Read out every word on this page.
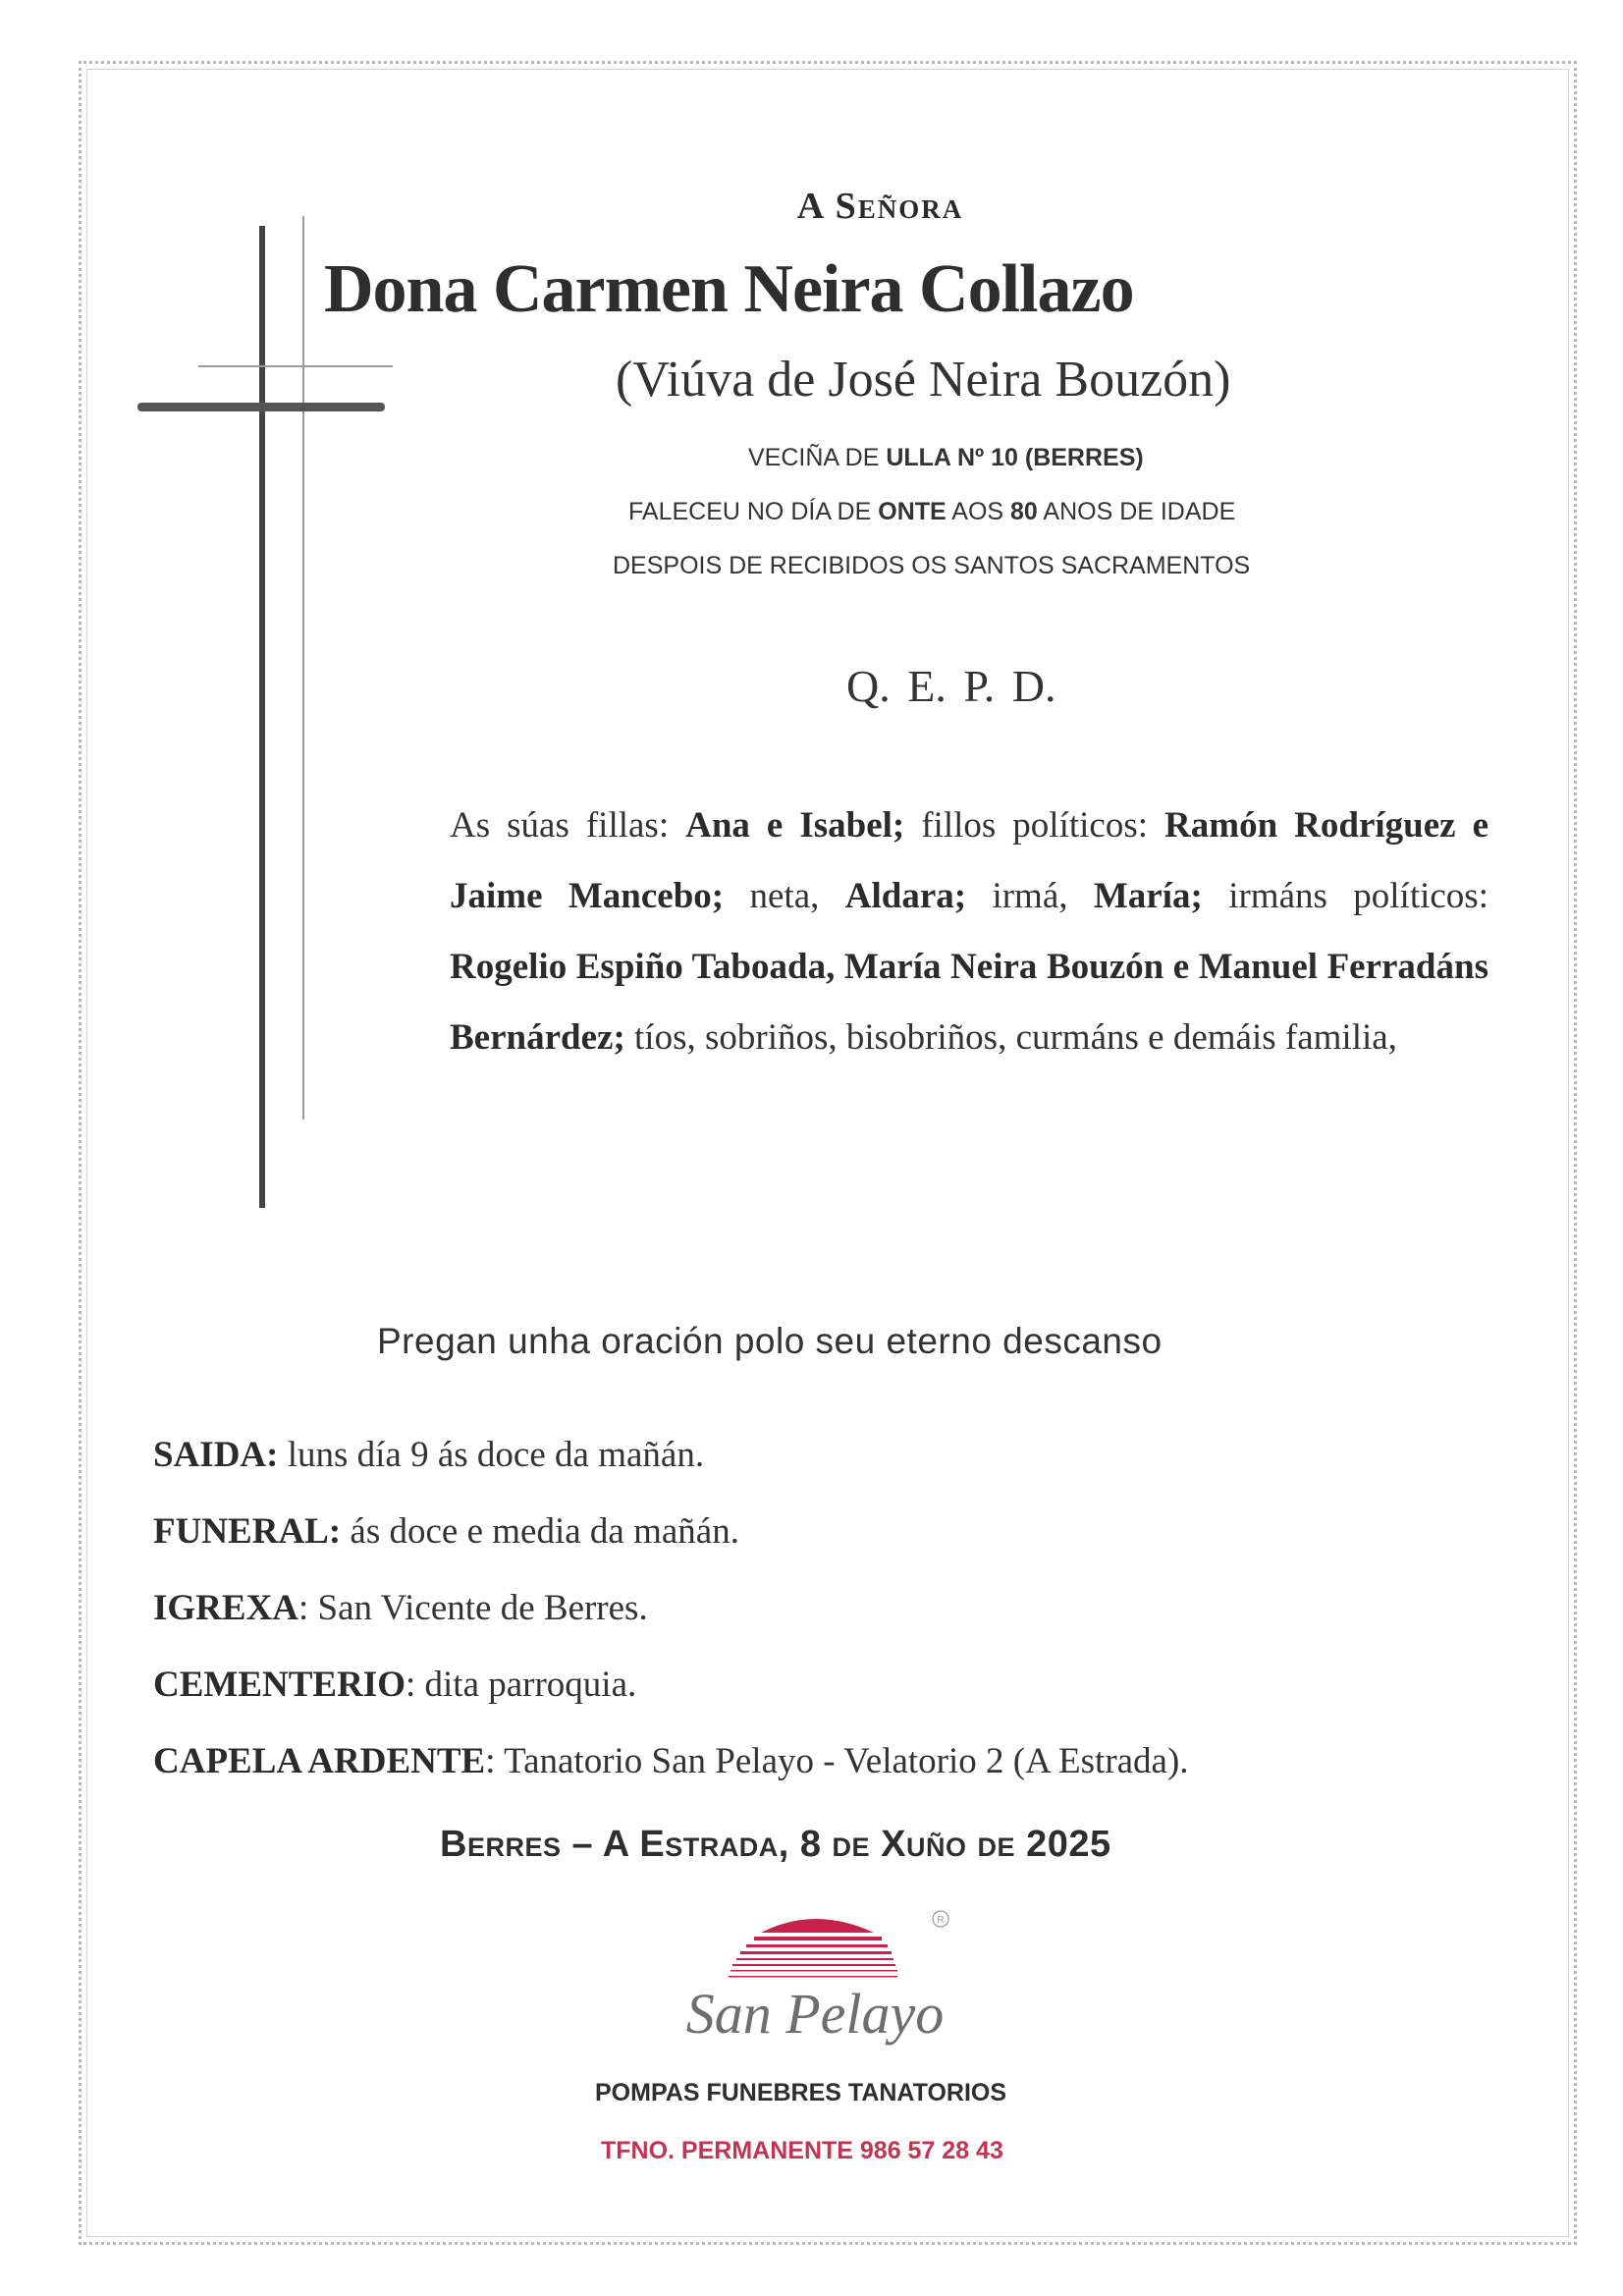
A Señora

Dona Carmen Neira Collazo

(Viúva de José Neira Bouzón)

VECIÑA DE ULLA Nº 10 (BERRES)

FALECEU NO DÍA DE ONTE AOS 80 ANOS DE IDADE

DESPOIS DE RECIBIDOS OS SANTOS SACRAMENTOS

Q. E. P. D.

As súas fillas: Ana e Isabel; fillos políticos: Ramón Rodríguez e Jaime Mancebo; neta, Aldara; irmá, María; irmáns políticos: Rogelio Espiño Taboada, María Neira Bouzón e Manuel Ferradáns Bernárdez; tíos, sobriños, bisobriños, curmáns e demáis familia,

Pregan unha oración polo seu eterno descanso

SAIDA: luns día 9 ás doce da mañán.
FUNERAL: ás doce e media da mañán.
IGREXA: San Vicente de Berres.
CEMENTERIO: dita parroquia.
CAPELA ARDENTE: Tanatorio San Pelayo - Velatorio 2 (A Estrada).

Berres – A Estrada, 8 de Xuño de 2025

R
San Pelayo

POMPAS FUNEBRES TANATORIOS

TFNO. PERMANENTE 986 57 28 43
